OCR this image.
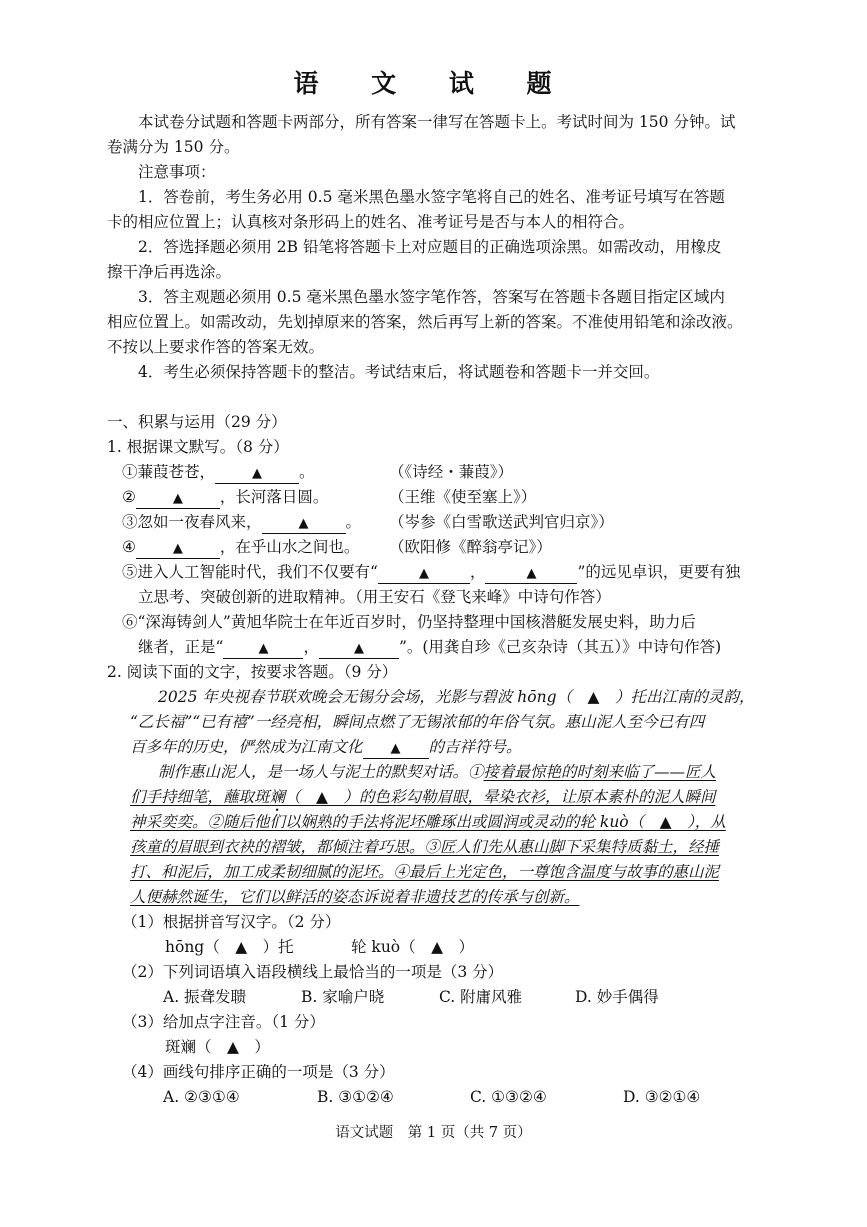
语 文 试 题
本试卷分试题和答题卡两部分，所有答案一律写在答题卡上。考试时间为 150 分钟。试
卷满分为 150 分。
注意事项：
1．答卷前，考生务必用 0.5 毫米黑色墨水签字笔将自己的姓名、准考证号填写在答题
卡的相应位置上；认真核对条形码上的姓名、准考证号是否与本人的相符合。
2．答选择题必须用 2B 铅笔将答题卡上对应题目的正确选项涂黑。如需改动，用橡皮
擦干净后再选涂。
3．答主观题必须用 0.5 毫米黑色墨水签字笔作答，答案写在答题卡各题目指定区域内
相应位置上。如需改动，先划掉原来的答案，然后再写上新的答案。不准使用铅笔和涂改液。
不按以上要求作答的答案无效。
4．考生必须保持答题卡的整洁。考试结束后，将试题卷和答题卡一并交回。
一、积累与运用（29 分）
1. 根据课文默写。（8 分）
①蒹葭苍苍，	▲ 。	（《诗经・蒹葭》）
②	▲ ，长河落日圆。	（王维《使至塞上》）
③忽如一夜春风来，	▲ 。 （岑参《白雪歌送武判官归京》）
④	▲ ，在乎山水之间也。 （欧阳修《醉翁亭记》）
⑤进入人工智能时代，我们不仅要有“	▲	，	▲	”的远见卓识，更要有独
立思考、突破创新的进取精神。（用王安石《登飞来峰》中诗句作答）
⑥“深海铸剑人”黄旭华院士在年近百岁时，仍坚持整理中国核潜艇发展史料，助力后
继者，正是“	▲ ，	▲ ”。(用龚自珍《己亥杂诗（其五）》中诗句作答)
2. 阅读下面的文字，按要求答题。（9 分）
2025 年央视春节联欢晚会无锡分会场，光影与碧波 hōng（　▲　）托出江南的灵韵，
“乙长福”“已有禧”一经亮相，瞬间点燃了无锡浓郁的年俗气氛。惠山泥人至今已有四
百多年的历史，俨然成为江南文化 ▲ 的吉祥符号。
制作惠山泥人，是一场人与泥土的默契对话。①接着最惊艳的时刻来临了——匠人
们手持细笔，蘸取斑斓（　▲　）的色彩勾勒眉眼，晕染衣衫，让原本素朴的泥人瞬间
神采奕奕。②随后他们以娴熟的手法将泥坯雕琢出或圆润或灵动的轮 kuò（　▲　），从
孩童的眉眼到衣袂的褶皱，都倾注着巧思。③匠人们先从惠山脚下采集特质黏土，经捶
打、和泥后，加工成柔韧细腻的泥坯。④最后上光定色，一尊饱含温度与故事的惠山泥
人便赫然诞生，它们以鲜活的姿态诉说着非遗技艺的传承与创新。
（1）根据拼音写汉字。（2 分）
hōng（　▲　）托	轮 kuò（　▲　）
（2）下列词语填入语段横线上最恰当的一项是（3 分）
A. 振聋发聩	B. 家喻户晓	C. 附庸风雅	D. 妙手偶得
（3）给加点字注音。（1 分）
斑斓（　▲　）
（4）画线句排序正确的一项是（3 分）
A. ②③①④	B. ③①②④	C. ①③②④	D. ③②①④
语文试题　第 1 页（共 7 页）
